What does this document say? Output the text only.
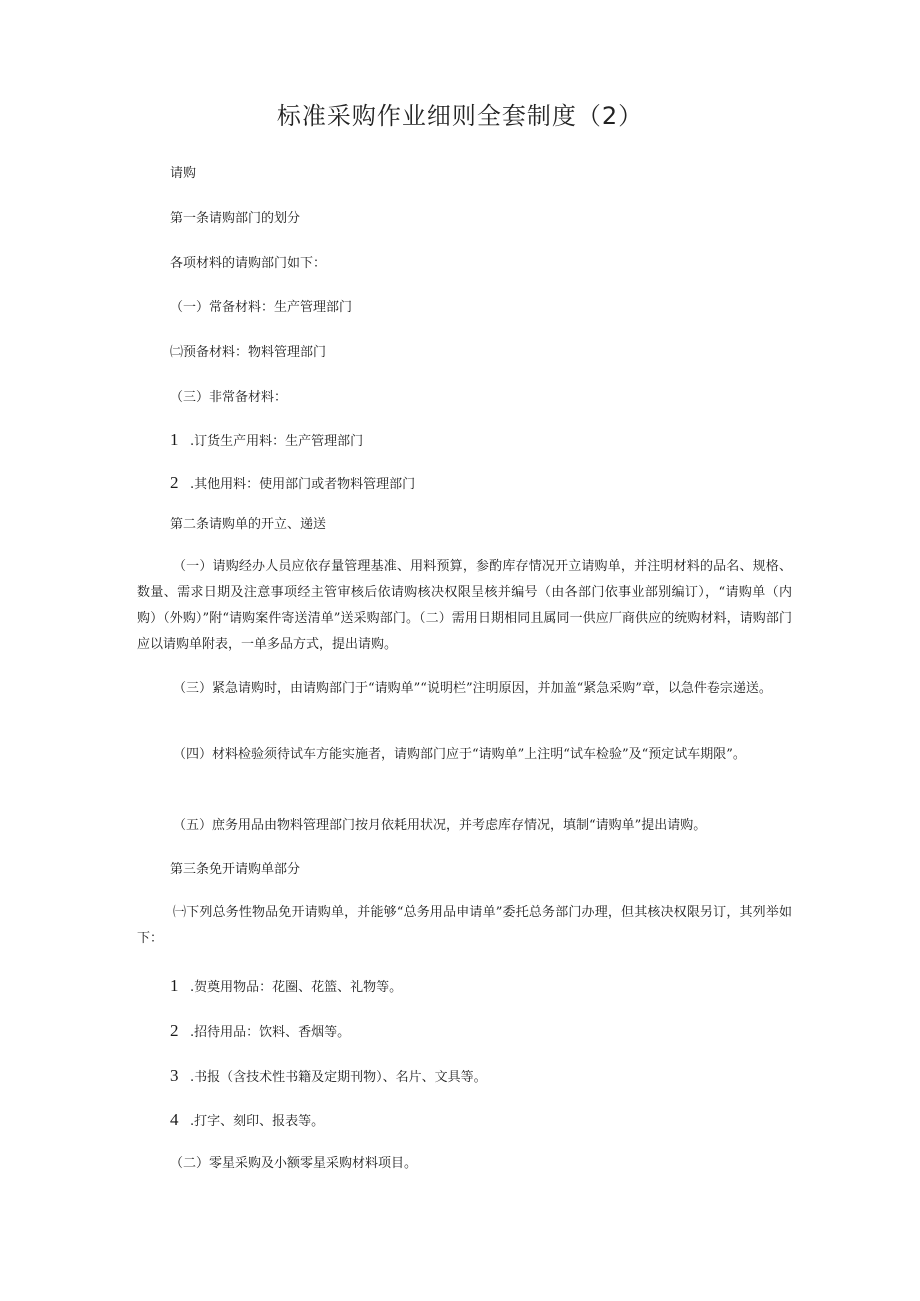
标准采购作业细则全套制度（2）
请购
第一条请购部门的划分
各项材料的请购部门如下：
（一）常备材料：生产管理部门
㈡预备材料：物料管理部门
（三）非常备材料：
1 .订货生产用料：生产管理部门
2 .其他用料：使用部门或者物料管理部门
第二条请购单的开立、递送
（一）请购经办人员应依存量管理基准、用料预算，参酌库存情况开立请购单，并注明材料的品名、规格、数量、需求日期及注意事项经主管审核后依请购核决权限呈核并编号（由各部门依事业部别编订），“请购单（内购）（外购）”附“请购案件寄送清单”送采购部门。（二）需用日期相同且属同一供应厂商供应的统购材料，请购部门应以请购单附表，一单多品方式，提出请购。
（三）紧急请购时，由请购部门于“请购单”“说明栏”注明原因，并加盖“紧急采购”章，以急件卷宗递送。
（四）材料检验须待试车方能实施者，请购部门应于“请购单”上注明“试车检验”及“预定试车期限”。
（五）庶务用品由物料管理部门按月依耗用状况，并考虑库存情况，填制“请购单”提出请购。
第三条免开请购单部分
㈠下列总务性物品免开请购单，并能够“总务用品申请单”委托总务部门办理，但其核决权限另订，其列举如下：
1 .贺奠用物品：花圈、花篮、礼物等。
2 .招待用品：饮料、香烟等。
3 .书报（含技术性书籍及定期刊物）、名片、文具等。
4 .打字、刻印、报表等。
（二）零星采购及小额零星采购材料项目。
